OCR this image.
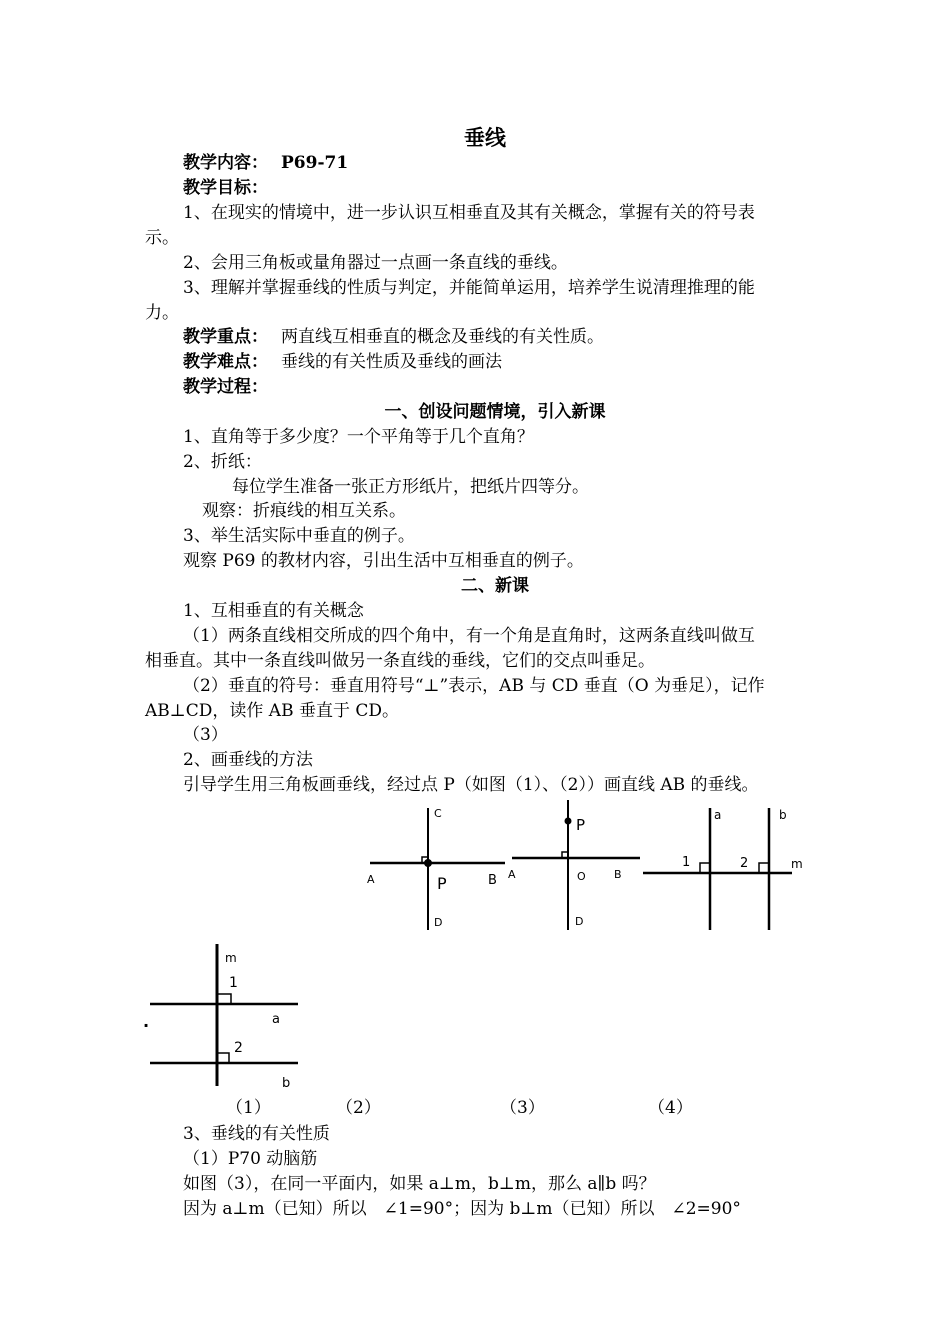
垂线
教学内容： P69-71
教学目标：
1、在现实的情境中，进一步认识互相垂直及其有关概念，掌握有关的符号表
示。
2、会用三角板或量角器过一点画一条直线的垂线。
3、理解并掌握垂线的性质与判定，并能简单运用，培养学生说清理推理的能
力。
教学重点： 两直线互相垂直的概念及垂线的有关性质。
教学难点： 垂线的有关性质及垂线的画法
教学过程：
一、创设问题情境，引入新课
1、直角等于多少度？一个平角等于几个直角？
2、折纸：
每位学生准备一张正方形纸片，把纸片四等分。
观察：折痕线的相互关系。
3、举生活实际中垂直的例子。
观察 P69 的教材内容，引出生活中互相垂直的例子。
二、新课
1、互相垂直的有关概念
（1）两条直线相交所成的四个角中，有一个角是直角时，这两条直线叫做互
相垂直。其中一条直线叫做另一条直线的垂线，它们的交点叫垂足。
（2）垂直的符号：垂直用符号“⊥”表示，AB 与 CD 垂直（O 为垂足），记作
AB⊥CD，读作 AB 垂直于 CD。
（3）
2、画垂线的方法
引导学生用三角板画垂线，经过点 P（如图（1）、（2））画直线 AB 的垂线。
A	B
C
D
P	A	B
O
D
P
a	b
m
1	2
m
1
2
a
b
.
（1）	（2）	（3）	（4）
3、垂线的有关性质
（1）P70 动脑筋
如图（3），在同一平面内，如果 a⊥m，b⊥m，那么 a∥b 吗？
因为 a⊥m（已知）所以　∠1=90°；因为 b⊥m（已知）所以　∠2=90°
